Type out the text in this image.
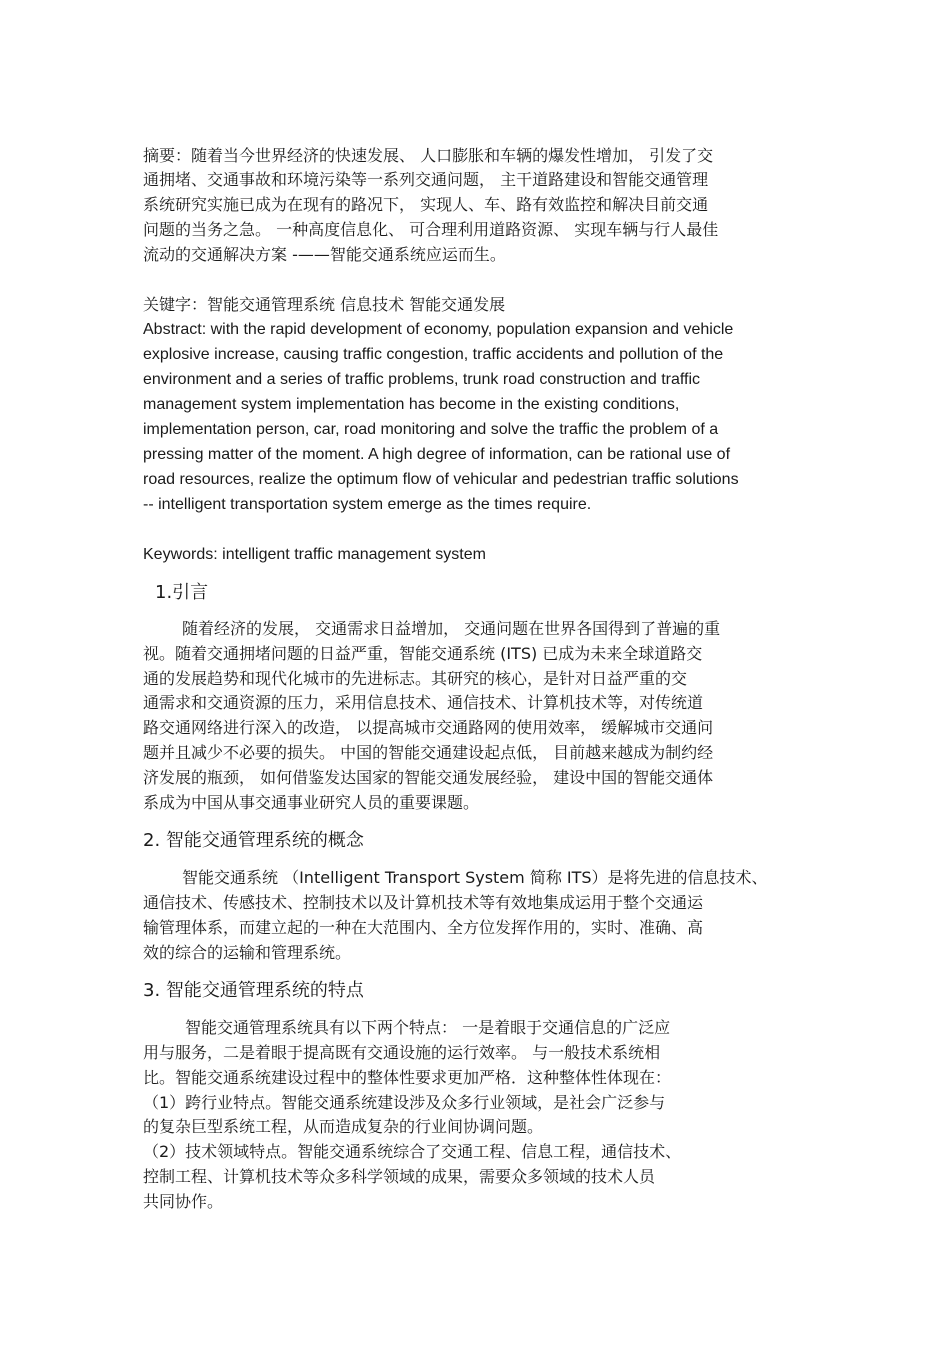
摘要：随着当今世界经济的快速发展、 人口膨胀和车辆的爆发性增加， 引发了交
通拥堵、交通事故和环境污染等一系列交通问题， 主干道路建设和智能交通管理
系统研究实施已成为在现有的路况下， 实现人、车、路有效监控和解决目前交通
问题的当务之急。 一种高度信息化、 可合理利用道路资源、 实现车辆与行人最佳
流动的交通解决方案 -——智能交通系统应运而生。
关键字：智能交通管理系统 信息技术 智能交通发展
Abstract: with the rapid development of economy, population expansion and vehicle
explosive increase, causing traffic congestion, traffic accidents and pollution of the
environment and a series of traffic problems, trunk road construction and traffic
management system implementation has become in the existing conditions,
implementation person, car, road monitoring and solve the traffic the problem of a
pressing matter of the moment. A high degree of information, can be rational use of
road resources, realize the optimum flow of vehicular and pedestrian traffic solutions
-- intelligent transportation system emerge as the times require.
Keywords: intelligent traffic management system
1.引言
随着经济的发展， 交通需求日益增加， 交通问题在世界各国得到了普遍的重
视。随着交通拥堵问题的日益严重，智能交通系统 (ITS) 已成为未来全球道路交
通的发展趋势和现代化城市的先进标志。其研究的核心，是针对日益严重的交
通需求和交通资源的压力，采用信息技术、通信技术、计算机技术等，对传统道
路交通网络进行深入的改造， 以提高城市交通路网的使用效率， 缓解城市交通问
题并且减少不必要的损失。 中国的智能交通建设起点低， 目前越来越成为制约经
济发展的瓶颈， 如何借鉴发达国家的智能交通发展经验， 建设中国的智能交通体
系成为中国从事交通事业研究人员的重要课题。
2. 智能交通管理系统的概念
智能交通系统 （Intelligent Transport System 简称 ITS）是将先进的信息技术、
通信技术、传感技术、控制技术以及计算机技术等有效地集成运用于整个交通运
输管理体系，而建立起的一种在大范围内、全方位发挥作用的，实时、准确、高
效的综合的运输和管理系统。
3. 智能交通管理系统的特点
智能交通管理系统具有以下两个特点： 一是着眼于交通信息的广泛应
用与服务，二是着眼于提高既有交通设施的运行效率。 与一般技术系统相
比。智能交通系统建设过程中的整体性要求更加严格．这种整体性体现在：
（1）跨行业特点。智能交通系统建设涉及众多行业领域，是社会广泛参与
的复杂巨型系统工程，从而造成复杂的行业间协调问题。
（2）技术领域特点。智能交通系统综合了交通工程、信息工程，通信技术、
控制工程、计算机技术等众多科学领域的成果，需要众多领域的技术人员
共同协作。
